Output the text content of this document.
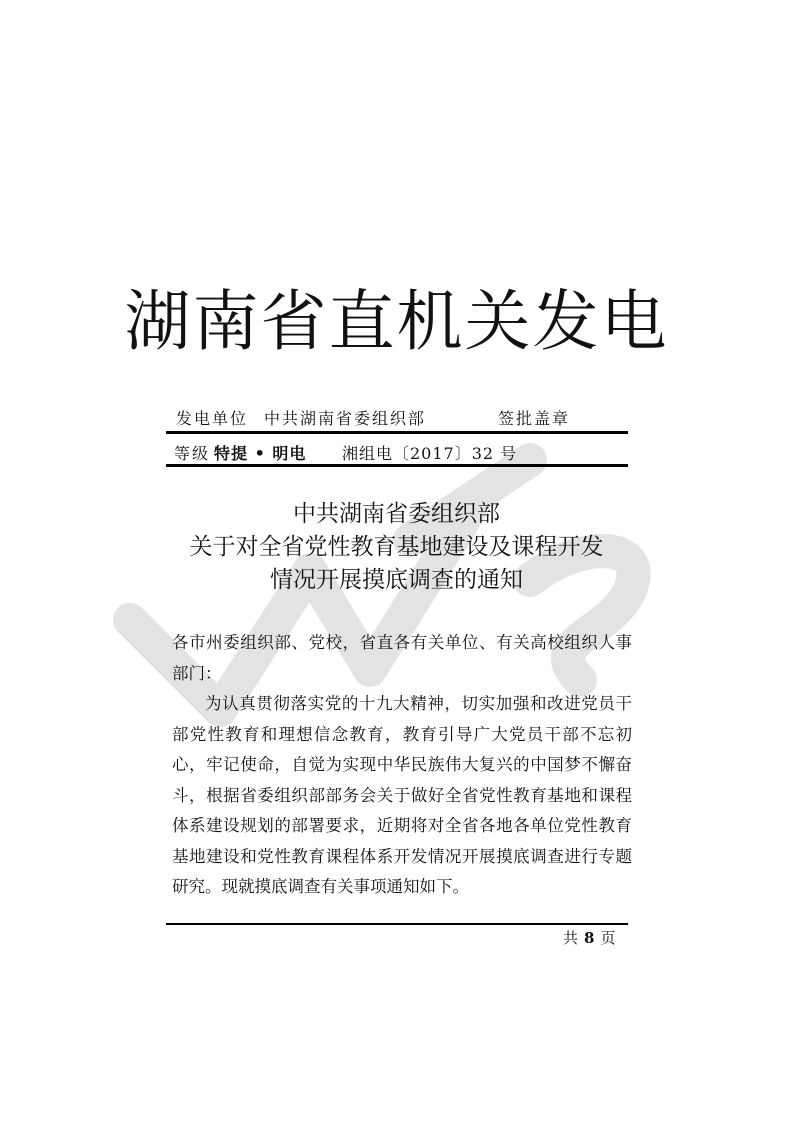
湖南省直机关发电
发电单位 中共湖南省委组织部	签批盖章
等级 特提 • 明电 湘组电〔2017〕32 号
中共湖南省委组织部
关于对全省党性教育基地建设及课程开发
情况开展摸底调查的通知

各市州委组织部、党校，省直各有关单位、有关高校组织人事部门：

为认真贯彻落实党的十九大精神，切实加强和改进党员干部党性教育和理想信念教育，教育引导广大党员干部不忘初心，牢记使命，自觉为实现中华民族伟大复兴的中国梦不懈奋斗，根据省委组织部部务会关于做好全省党性教育基地和课程体系建设规划的部署要求，近期将对全省各地各单位党性教育基地建设和党性教育课程体系开发情况开展摸底调查进行专题研究。现就摸底调查有关事项通知如下。

共 8 页
